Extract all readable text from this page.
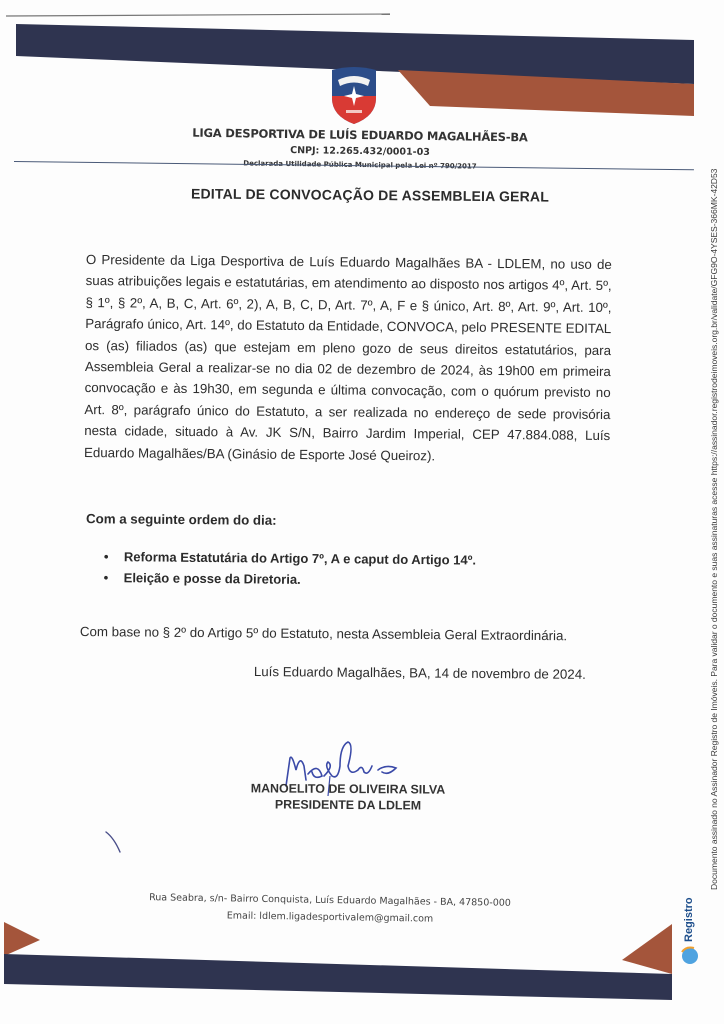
LIGA DESPORTIVA DE LUÍS EDUARDO MAGALHÃES-BA
CNPJ: 12.265.432/0001-03
Declarada Utilidade Pública Municipal pela Lei nº 790/2017
EDITAL DE CONVOCAÇÃO DE ASSEMBLEIA GERAL
O Presidente da Liga Desportiva de Luís Eduardo Magalhães BA - LDLEM, no uso de suas atribuições legais e estatutárias, em atendimento ao disposto nos artigos 4º, Art. 5º, § 1º, § 2º, A, B, C, Art. 6º, 2), A, B, C, D, Art. 7º, A, F e § único, Art. 8º, Art. 9º, Art. 10º, Parágrafo único, Art. 14º, do Estatuto da Entidade, CONVOCA, pelo PRESENTE EDITAL os (as) filiados (as) que estejam em pleno gozo de seus direitos estatutários, para Assembleia Geral a realizar-se no dia 02 de dezembro de 2024, às 19h00 em primeira convocação e às 19h30, em segunda e última convocação, com o quórum previsto no Art. 8º, parágrafo único do Estatuto, a ser realizada no endereço de sede provisória nesta cidade, situado à Av. JK S/N, Bairro Jardim Imperial, CEP 47.884.088, Luís Eduardo Magalhães/BA (Ginásio de Esporte José Queiroz).
Com a seguinte ordem do dia:
• Reforma Estatutária do Artigo 7º, A e caput do Artigo 14º.
• Eleição e posse da Diretoria.
Com base no § 2º do Artigo 5º do Estatuto, nesta Assembleia Geral Extraordinária.
Luís Eduardo Magalhães, BA, 14 de novembro de 2024.
MANOELITO DE OLIVEIRA SILVA
PRESIDENTE DA LDLEM
Rua Seabra, s/n- Bairro Conquista, Luís Eduardo Magalhães - BA, 47850-000
Email: ldlem.ligadesportivalem@gmail.com
Documento assinado no Assinador Registro de Imóveis. Para validar o documento e suas assinaturas acesse https://assinador.registrodeimoveis.org.br/validate/GFG9O-4YSES-366MK-42D53
Registro
